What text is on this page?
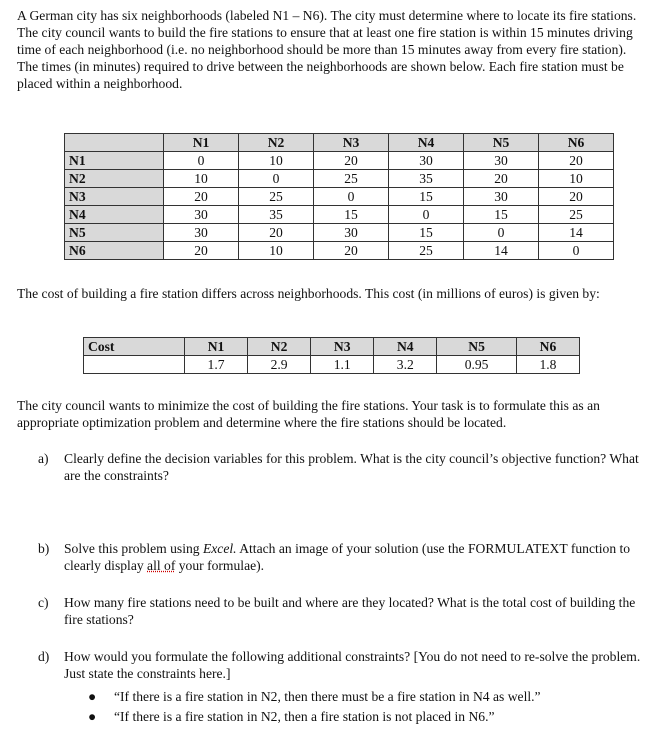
A German city has six neighborhoods (labeled N1 – N6). The city must determine where to locate its fire stations. The city council wants to build the fire stations to ensure that at least one fire station is within 15 minutes driving time of each neighborhood (i.e. no neighborhood should be more than 15 minutes away from every fire station). The times (in minutes) required to drive between the neighborhoods are shown below. Each fire station must be placed within a neighborhood.
	N1	N2	N3	N4	N5	N6
N1	0	10	20	30	30	20
N2	10	0	25	35	20	10
N3	20	25	0	15	30	20
N4	30	35	15	0	15	25
N5	30	20	30	15	0	14
N6	20	10	20	25	14	0
The cost of building a fire station differs across neighborhoods. This cost (in millions of euros) is given by:
Cost	N1	N2	N3	N4	N5	N6
	1.7	2.9	1.1	3.2	0.95	1.8
The city council wants to minimize the cost of building the fire stations. Your task is to formulate this as an appropriate optimization problem and determine where the fire stations should be located.
a) Clearly define the decision variables for this problem. What is the city council’s objective function? What are the constraints?
b) Solve this problem using Excel. Attach an image of your solution (use the FORMULATEXT function to clearly display all of your formulae).
c) How many fire stations need to be built and where are they located? What is the total cost of building the fire stations?
d) How would you formulate the following additional constraints? [You do not need to re-solve the problem. Just state the constraints here.]
● “If there is a fire station in N2, then there must be a fire station in N4 as well.”
● “If there is a fire station in N2, then a fire station is not placed in N6.”
